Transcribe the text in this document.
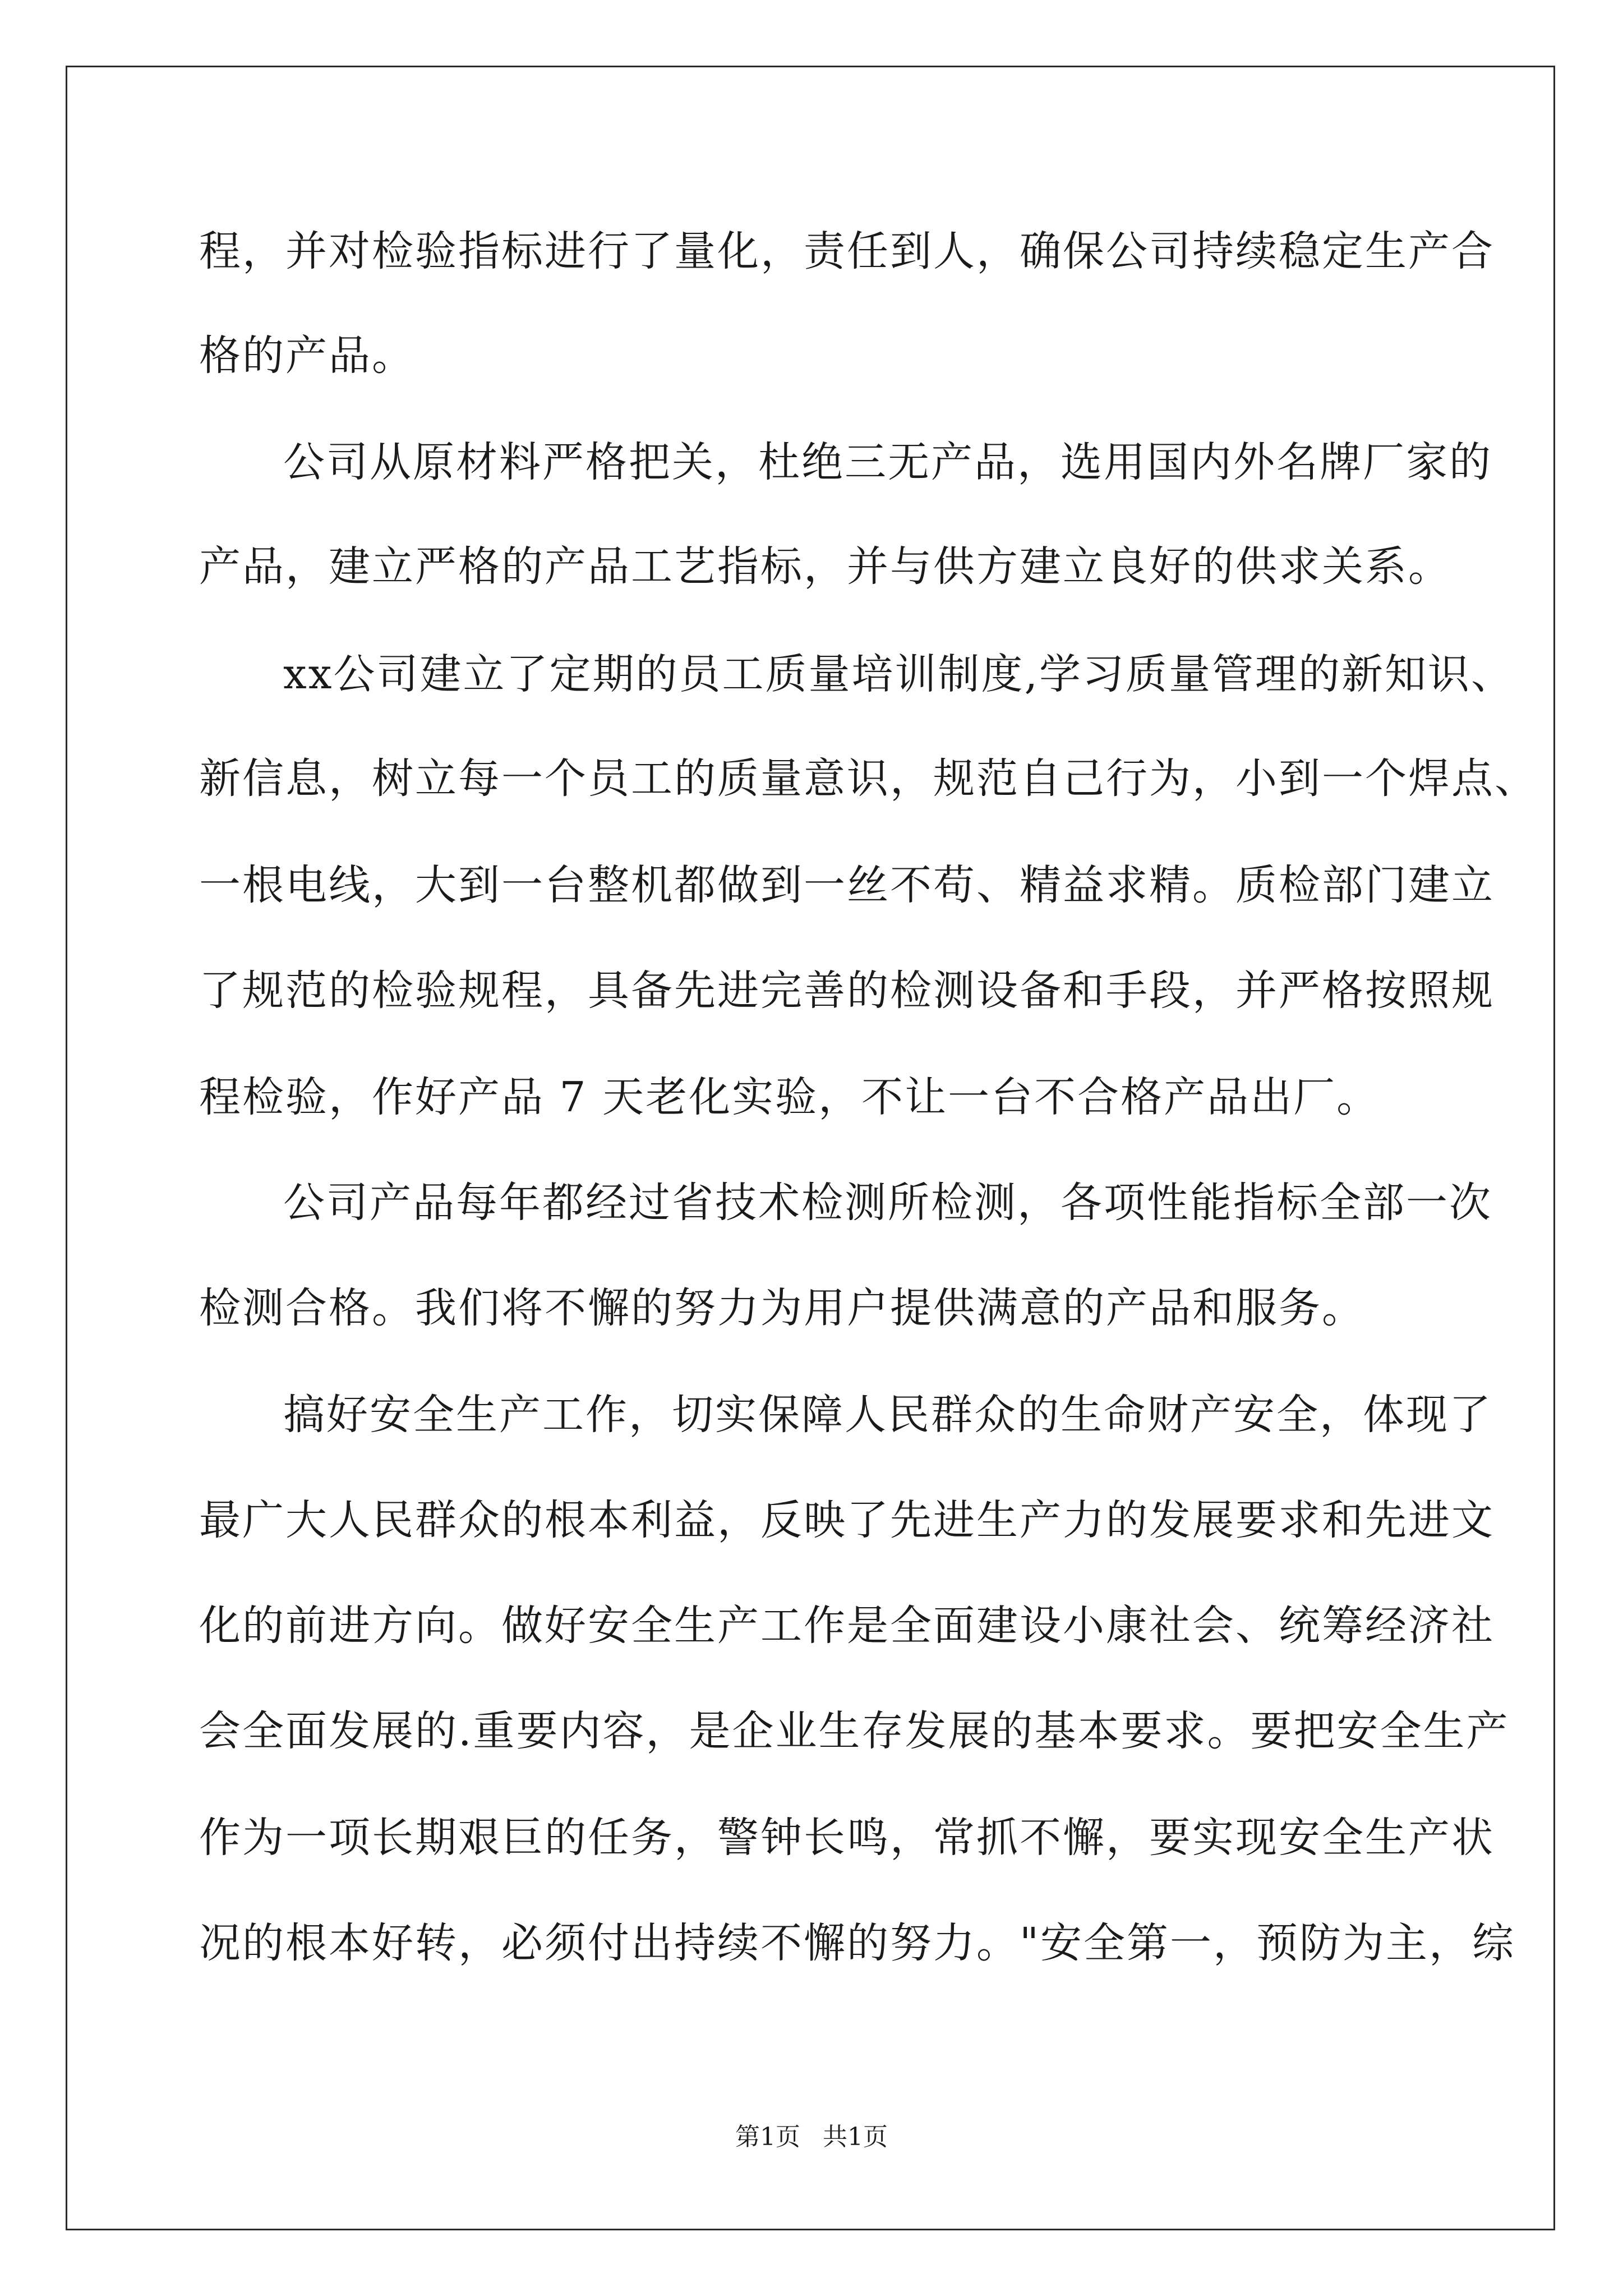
程，并对检验指标进行了量化，责任到人，确保公司持续稳定生产合
格的产品。
公司从原材料严格把关，杜绝三无产品，选用国内外名牌厂家的
产品，建立严格的产品工艺指标，并与供方建立良好的供求关系。
xx公司建立了定期的员工质量培训制度,学习质量管理的新知识、
新信息，树立每一个员工的质量意识，规范自己行为，小到一个焊点、
一根电线，大到一台整机都做到一丝不苟、精益求精。质检部门建立
了规范的检验规程，具备先进完善的检测设备和手段，并严格按照规
程检验，作好产品 7 天老化实验，不让一台不合格产品出厂。
公司产品每年都经过省技术检测所检测，各项性能指标全部一次
检测合格。我们将不懈的努力为用户提供满意的产品和服务。
搞好安全生产工作，切实保障人民群众的生命财产安全，体现了
最广大人民群众的根本利益，反映了先进生产力的发展要求和先进文
化的前进方向。做好安全生产工作是全面建设小康社会、统筹经济社
会全面发展的.重要内容，是企业生存发展的基本要求。要把安全生产
作为一项长期艰巨的任务，警钟长鸣，常抓不懈，要实现安全生产状
况的根本好转，必须付出持续不懈的努力。"安全第一，预防为主，综
第1页 共1页
